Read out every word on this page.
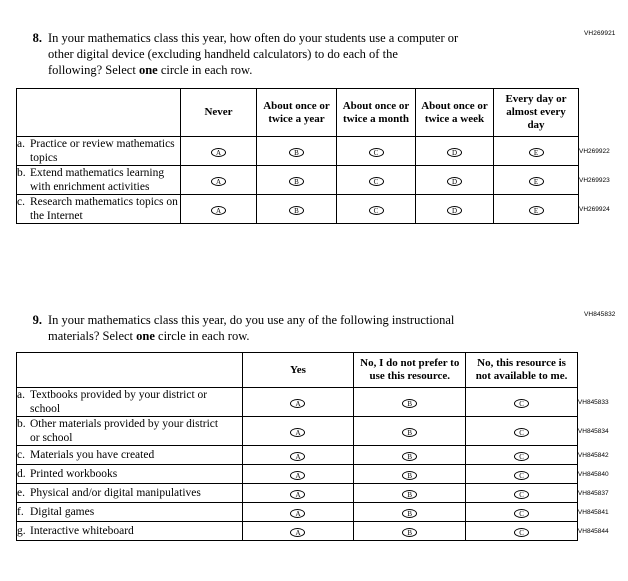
8. In your mathematics class this year, how often do your students use a computer or
other digital device (excluding handheld calculators) to do each of the
following? Select one circle in each row.
VH269921
	Never	About once or twice a year	About once or twice a month	About once or twice a week	Every day or almost every day	
a. Practice or review mathematics topics	A	B	C	D	E	VH269922
b. Extend mathematics learning with enrichment activities	A	B	C	D	E	VH269923
c. Research mathematics topics on the Internet	A	B	C	D	E	VH269924
9. In your mathematics class this year, do you use any of the following instructional
materials? Select one circle in each row.
VH845832
	Yes	No, I do not prefer to use this resource.	No, this resource is not available to me.	
a. Textbooks provided by your district or school	A	B	C	VH845833
b. Other materials provided by your district or school	A	B	C	VH845834
c. Materials you have created	A	B	C	VH845842
d. Printed workbooks	A	B	C	VH845840
e. Physical and/or digital manipulatives	A	B	C	VH845837
f. Digital games	A	B	C	VH845841
g. Interactive whiteboard	A	B	C	VH845844
